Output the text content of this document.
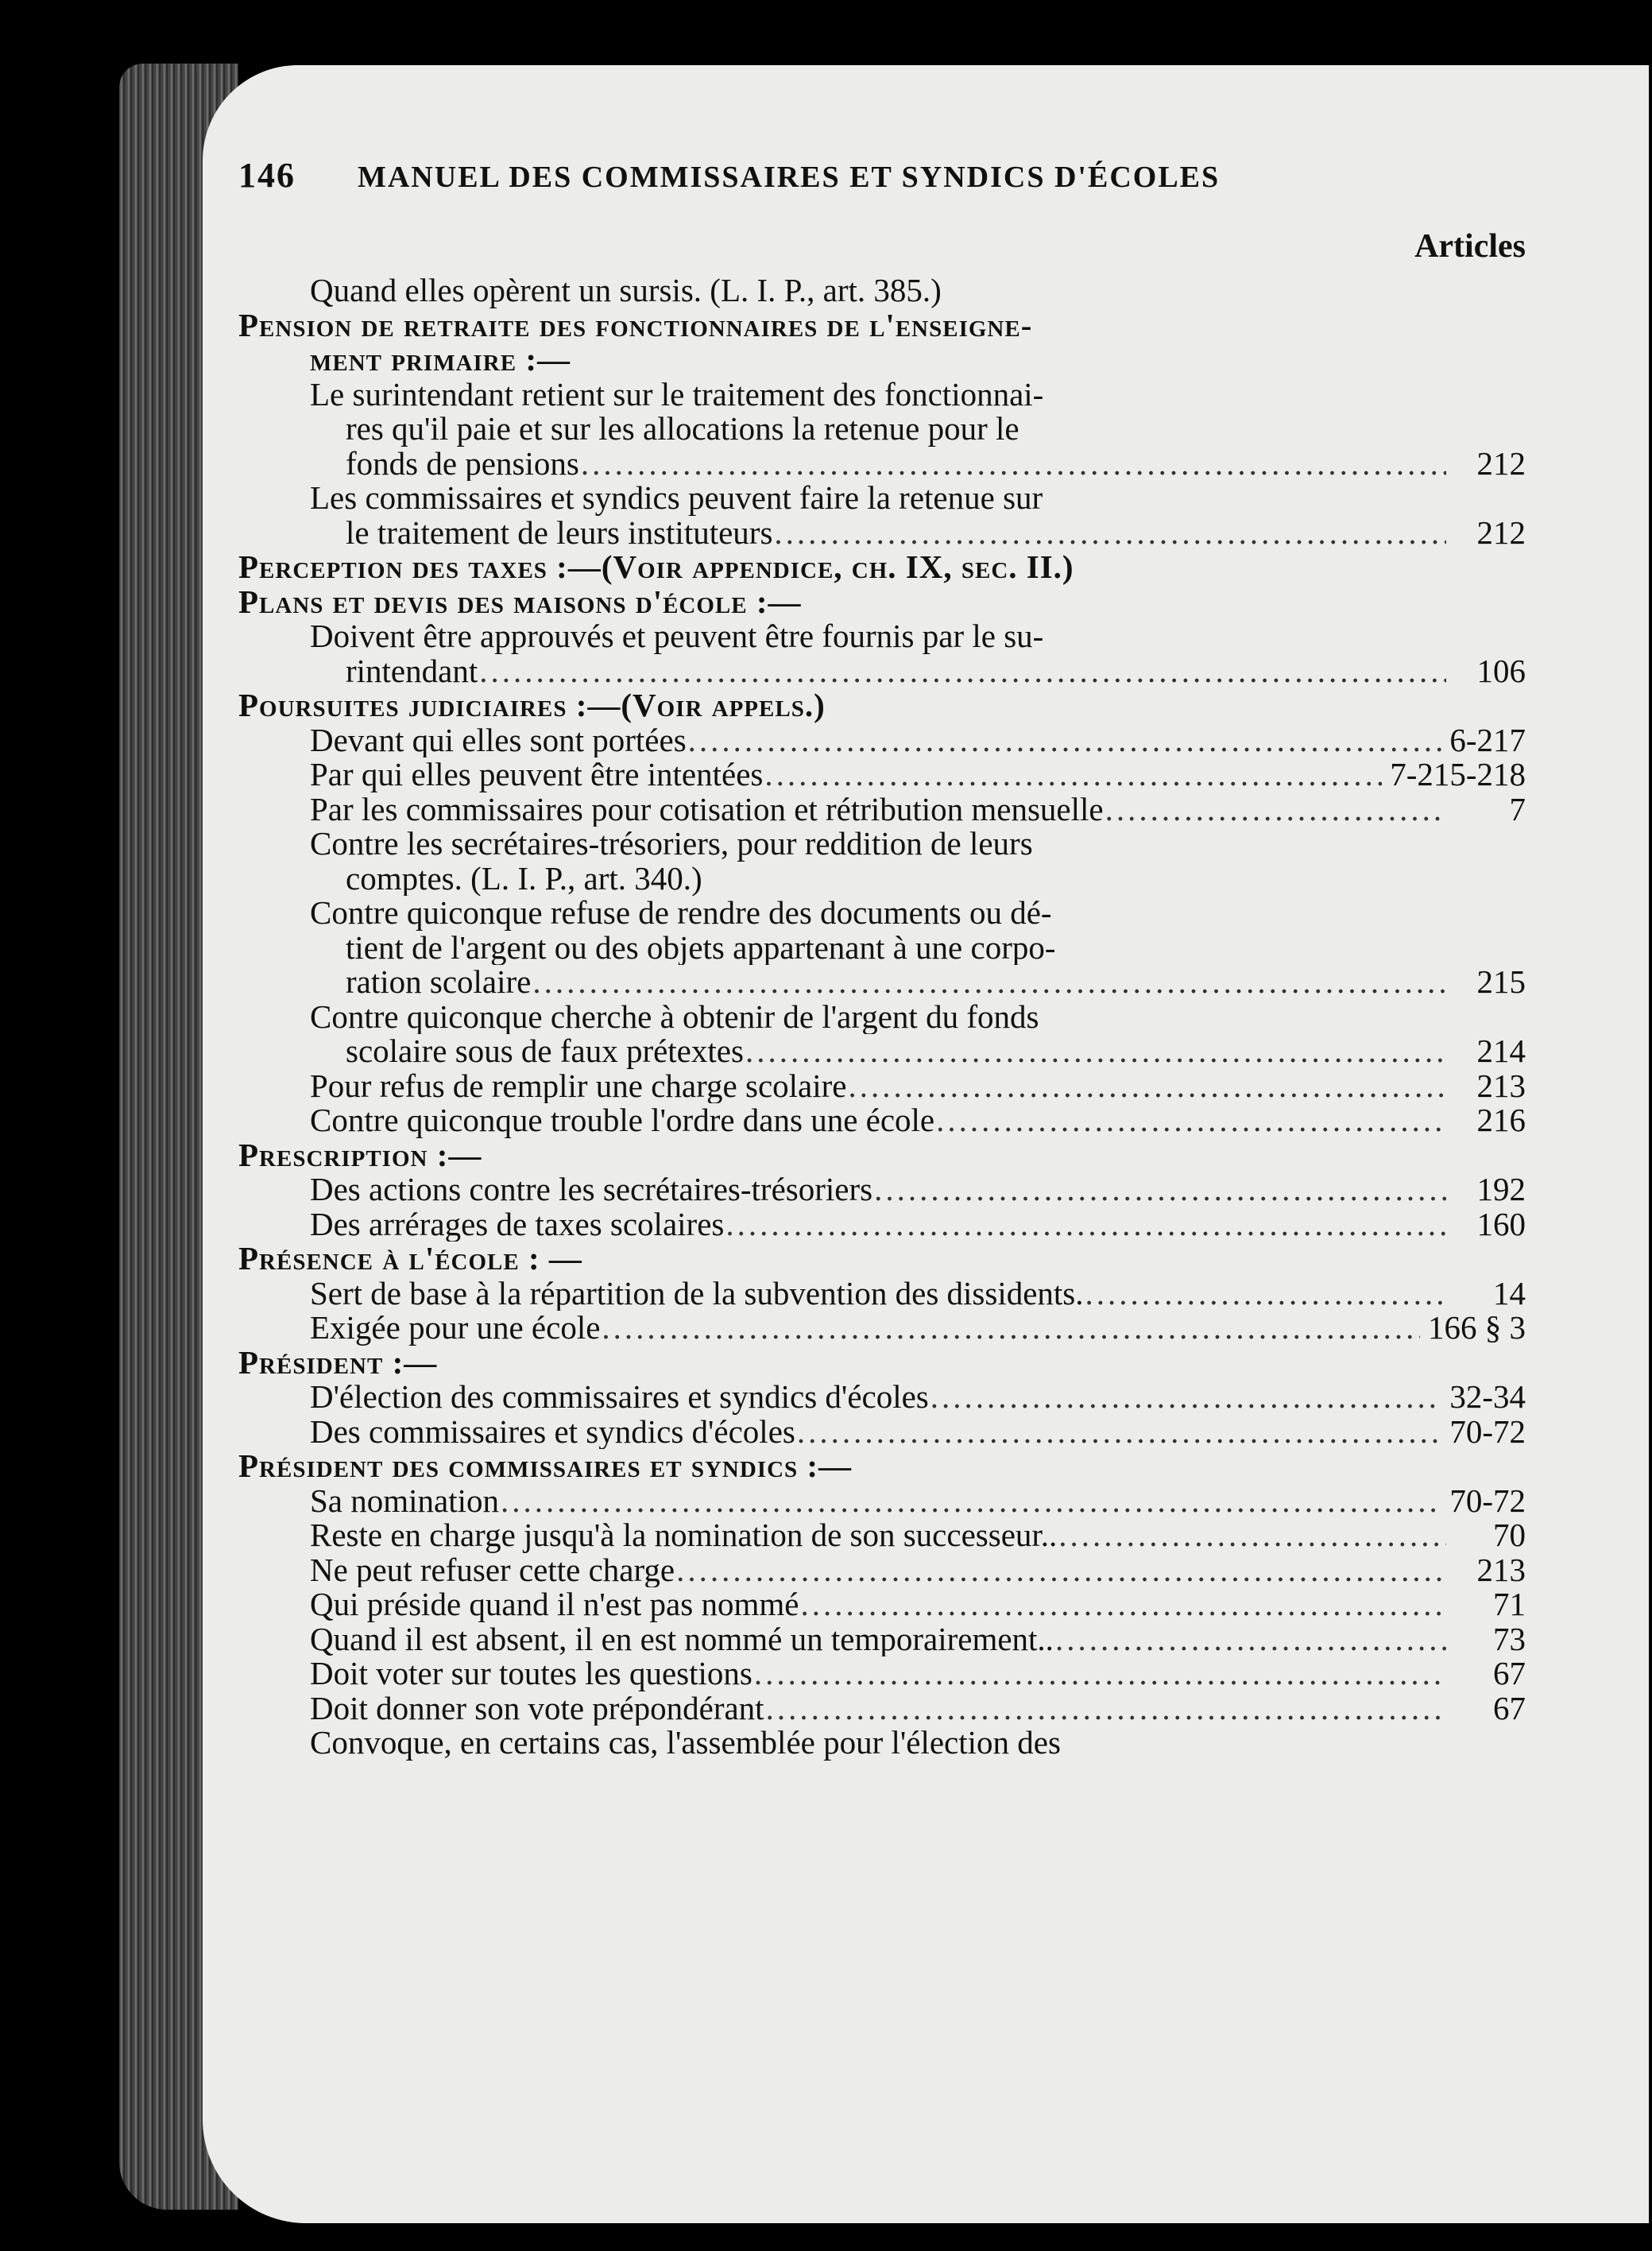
146	MANUEL DES COMMISSAIRES ET SYNDICS D'ÉCOLES
Articles
Quand elles opèrent un sursis. (L. I. P., art. 385.)
Pension de retraite des fonctionnaires de l'enseigne-
ment primaire :—
Le surintendant retient sur le traitement des fonctionnai-
res qu'il paie et sur les allocations la retenue pour le
fonds de pensions .....	212
Les commissaires et syndics peuvent faire la retenue sur
le traitement de leurs instituteurs .....	212
Perception des taxes :—(Voir appendice, ch. IX, sec. II.)
Plans et devis des maisons d'école :—
Doivent être approuvés et peuvent être fournis par le su-
rintendant .....	106
Poursuites judiciaires :—(Voir appels.)
Devant qui elles sont portées .....	6-217
Par qui elles peuvent être intentées .....	7-215-218
Par les commissaires pour cotisation et rétribution mensuelle .....	7
Contre les secrétaires-trésoriers, pour reddition de leurs
comptes. (L. I. P., art. 340.)
Contre quiconque refuse de rendre des documents ou dé-
tient de l'argent ou des objets appartenant à une corpo-
ration scolaire .....	215
Contre quiconque cherche à obtenir de l'argent du fonds
scolaire sous de faux prétextes .....	214
Pour refus de remplir une charge scolaire .....	213
Contre quiconque trouble l'ordre dans une école .....	216
Prescription :—
Des actions contre les secrétaires-trésoriers .....	192
Des arrérages de taxes scolaires .....	160
Présence à l'école : —
Sert de base à la répartition de la subvention des dissidents. .....	14
Exigée pour une école .....	166 § 3
Président :—
D'élection des commissaires et syndics d'écoles .....	32-34
Des commissaires et syndics d'écoles .....	70-72
Président des commissaires et syndics :—
Sa nomination .....	70-72
Reste en charge jusqu'à la nomination de son successeur.. .....	70
Ne peut refuser cette charge .....	213
Qui préside quand il n'est pas nommé .....	71
Quand il est absent, il en est nommé un temporairement.. .....	73
Doit voter sur toutes les questions .....	67
Doit donner son vote prépondérant .....	67
Convoque, en certains cas, l'assemblée pour l'élection des
